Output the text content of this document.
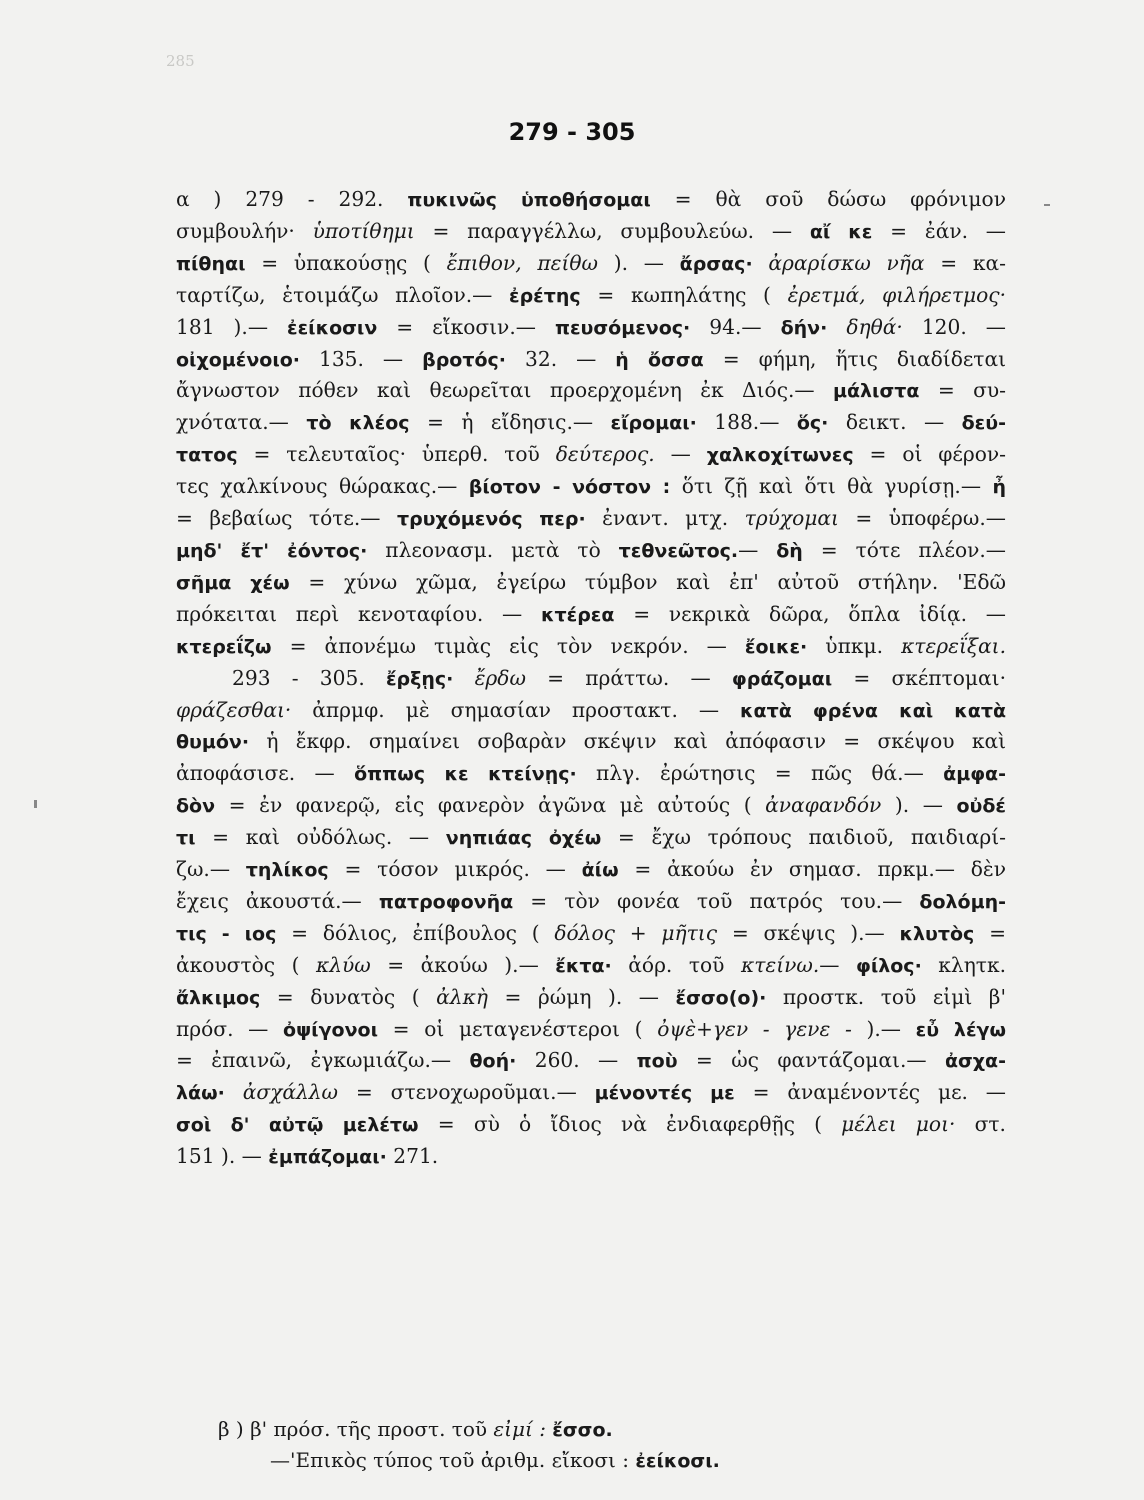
285
279 - 305
α ) 279 - 292. πυκινῶς ὑποθήσομαι = θὰ σοῦ δώσω φρόνιμον
συμβουλήν· ὑποτίθημι = παραγγέλλω, συμβουλεύω. — αἴ κε = ἐάν. —
πίθηαι = ὑπακούσῃς ( ἔπιθον, πείθω ). — ἄρσας· ἀραρίσκω νῆα = κα-
ταρτίζω, ἑτοιμάζω πλοῖον.— ἐρέτης = κωπηλάτης ( ἐρετμά, φιλήρετμος·
181 ).— ἐείκοσιν = εἴκοσιν.— πευσόμενος· 94.— δήν· δηθά· 120. —
οἰχομένοιο· 135. — βροτός· 32. — ἡ ὄσσα = φήμη, ἥτις διαδίδεται
ἄγνωστον πόθεν καὶ θεωρεῖται προερχομένη ἐκ Διός.— μάλιστα = συ-
χνότατα.— τὸ κλέος = ἡ εἴδησις.— εἴρομαι· 188.— ὅς· δεικτ. — δεύ-
τατος = τελευταῖος· ὑπερθ. τοῦ δεύτερος. — χαλκοχίτωνες = οἱ φέρον-
τες χαλκίνους θώρακας.— βίοτον - νόστον : ὅτι ζῇ καὶ ὅτι θὰ γυρίσῃ.— ἦ
= βεβαίως τότε.— τρυχόμενός περ· ἐναντ. μτχ. τρύχομαι = ὑποφέρω.—
μηδ' ἔτ' ἐόντος· πλεονασμ. μετὰ τὸ τεθνεῶτος.— δὴ = τότε πλέον.—
σῆμα χέω = χύνω χῶμα, ἐγείρω τύμβον καὶ ἐπ' αὐτοῦ στήλην. 'Εδῶ
πρόκειται περὶ κενοταφίου. — κτέρεα = νεκρικὰ δῶρα, ὅπλα ἰδίᾳ. —
κτερεΐζω = ἀπονέμω τιμὰς εἰς τὸν νεκρόν. — ἔοικε· ὑπκμ. κτερεΐξαι.
293 - 305. ἔρξῃς· ἔρδω = πράττω. — φράζομαι = σκέπτομαι·
φράζεσθαι· ἀπρμφ. μὲ σημασίαν προστακτ. — κατὰ φρένα καὶ κατὰ
θυμόν· ἡ ἔκφρ. σημαίνει σοβαρὰν σκέψιν καὶ ἀπόφασιν = σκέψου καὶ
ἀποφάσισε. — ὅππως κε κτείνῃς· πλγ. ἐρώτησις = πῶς θά.— ἀμφα-
δὸν = ἐν φανερῷ, εἰς φανερὸν ἀγῶνα μὲ αὐτούς ( ἀναφανδόν ). — οὐδέ
τι = καὶ οὐδόλως. — νηπιάας ὀχέω = ἔχω τρόπους παιδιοῦ, παιδιαρί-
ζω.— τηλίκος = τόσον μικρός. — ἀίω = ἀκούω ἐν σημασ. πρκμ.— δὲν
ἔχεις ἀκουστά.— πατροφονῆα = τὸν φονέα τοῦ πατρός του.— δολόμη-
τις - ιος = δόλιος, ἐπίβουλος ( δόλος + μῆτις = σκέψις ).— κλυτὸς =
ἀκουστὸς ( κλύω = ἀκούω ).— ἔκτα· ἀόρ. τοῦ κτείνω.— φίλος· κλητκ.
ἄλκιμος = δυνατὸς ( ἀλκὴ = ῥώμη ). — ἔσσο(ο)· προστκ. τοῦ εἰμὶ β'
πρόσ. — ὀψίγονοι = οἱ μεταγενέστεροι ( ὀψὲ+γεν - γενε - ).— εὖ λέγω
= ἐπαινῶ, ἐγκωμιάζω.— θοή· 260. — ποὺ = ὡς φαντάζομαι.— ἀσχα-
λάω· ἀσχάλλω = στενοχωροῦμαι.— μένοντές με = ἀναμένοντές με. —
σοὶ δ' αὐτῷ μελέτω = σὺ ὁ ἴδιος νὰ ἐνδιαφερθῇς ( μέλει μοι· στ.
151 ). — ἐμπάζομαι· 271.
β ) β' πρόσ. τῆς προστ. τοῦ εἰμί : ἔσσο.
—'Επικὸς τύπος τοῦ ἀριθμ. εἴκοσι : ἐείκοσι.
